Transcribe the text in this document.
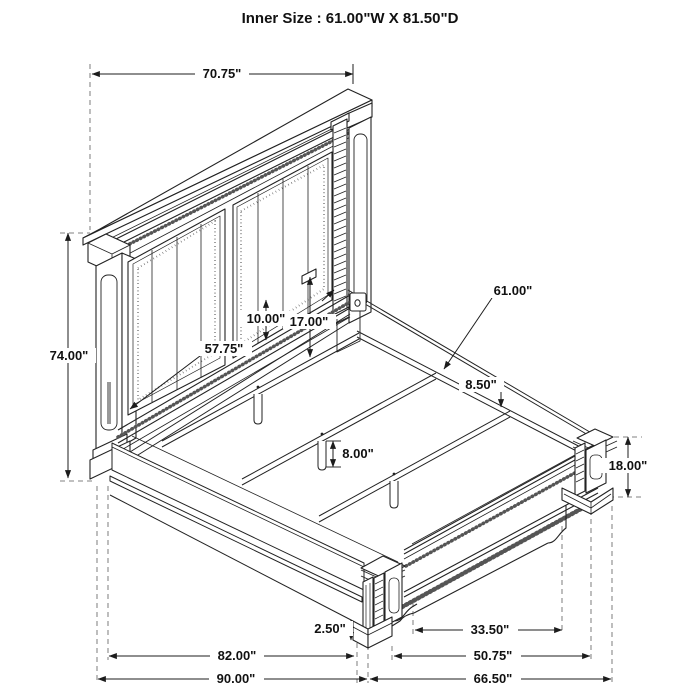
Inner Size : 61.00"W X 81.50"D
70.75"
74.00"	57.75"
10.00" 17.00"
61.00"
8.50"
8.00"
18.00"
2.50"	33.50"
82.00"	50.75"
90.00"	66.50"
